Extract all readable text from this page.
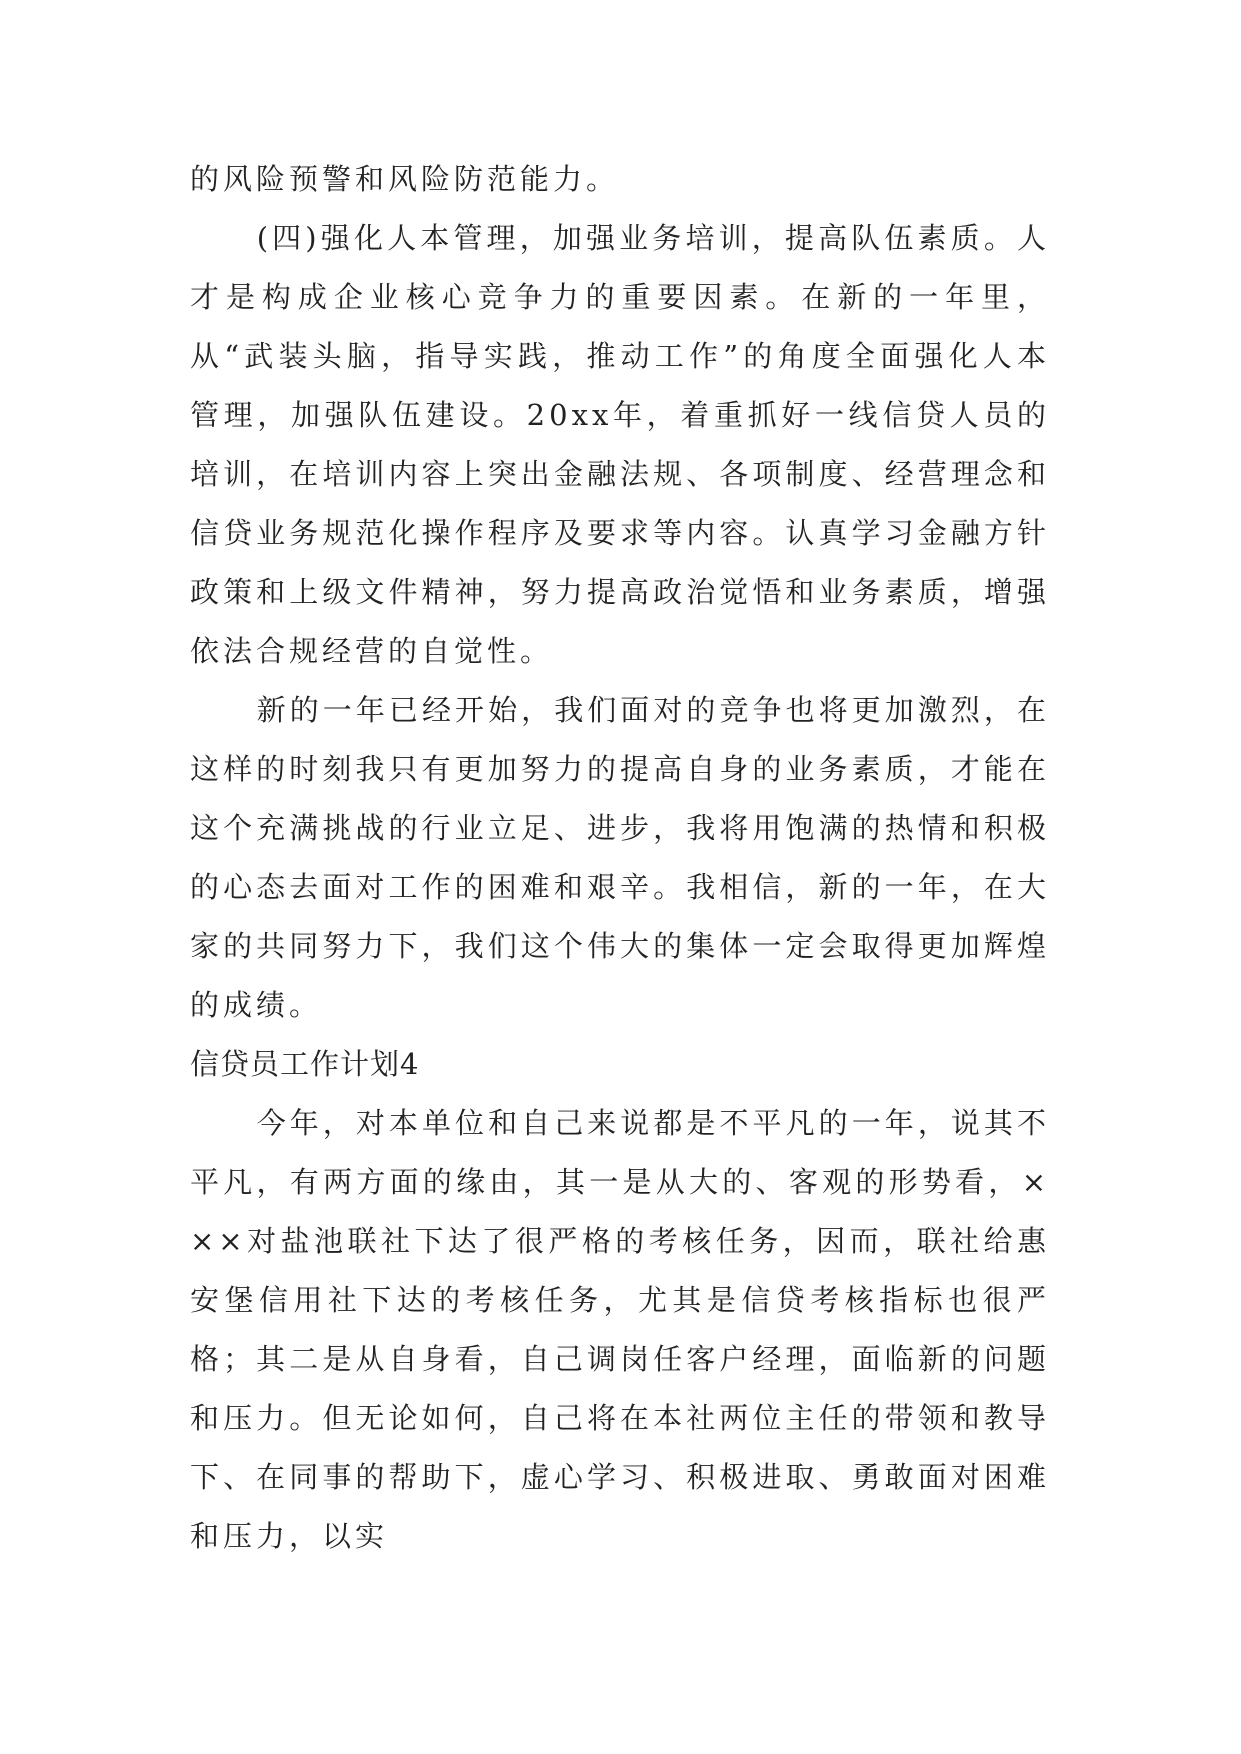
的风险预警和风险防范能力。

(四)强化人本管理，加强业务培训，提高队伍素质。人才是构成企业核心竞争力的重要因素。在新的一年里，从“武装头脑，指导实践，推动工作”的角度全面强化人本管理，加强队伍建设。20xx年，着重抓好一线信贷人员的培训，在培训内容上突出金融法规、各项制度、经营理念和信贷业务规范化操作程序及要求等内容。认真学习金融方针政策和上级文件精神，努力提高政治觉悟和业务素质，增强依法合规经营的自觉性。

新的一年已经开始，我们面对的竞争也将更加激烈，在这样的时刻我只有更加努力的提高自身的业务素质，才能在这个充满挑战的行业立足、进步，我将用饱满的热情和积极的心态去面对工作的困难和艰辛。我相信，新的一年，在大家的共同努力下，我们这个伟大的集体一定会取得更加辉煌的成绩。

信贷员工作计划4

今年，对本单位和自己来说都是不平凡的一年，说其不平凡，有两方面的缘由，其一是从大的、客观的形势看，×××对盐池联社下达了很严格的考核任务，因而，联社给惠安堡信用社下达的考核任务，尤其是信贷考核指标也很严格；其二是从自身看，自己调岗任客户经理，面临新的问题和压力。但无论如何，自己将在本社两位主任的带领和教导下、在同事的帮助下，虚心学习、积极进取、勇敢面对困难和压力，以实
